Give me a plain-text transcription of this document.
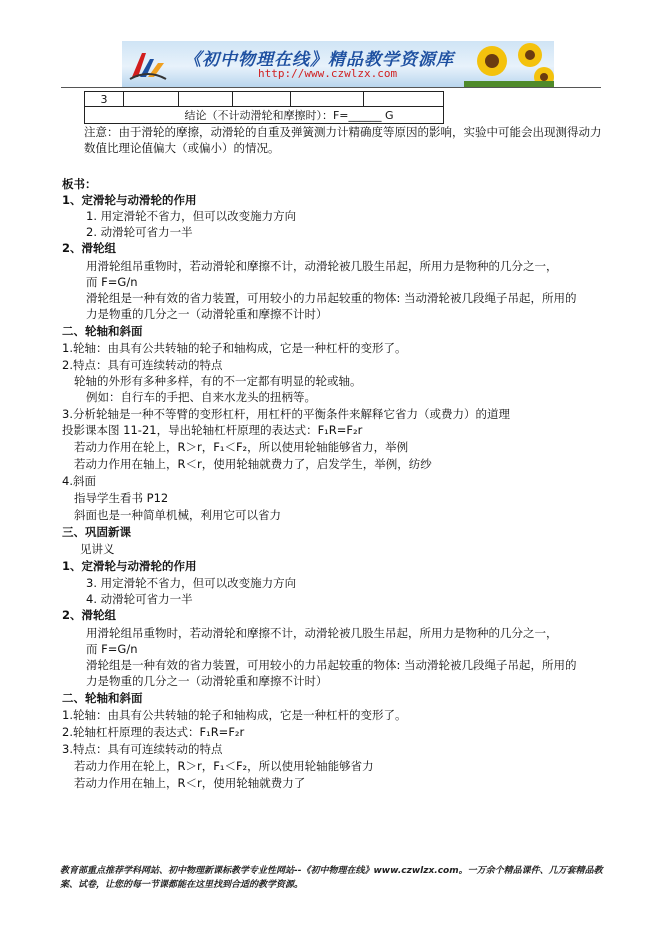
《初中物理在线》精品教学资源库
http://www.czwlzx.com
3					
结论（不计动滑轮和摩擦时）：F=______ G
注意：由于滑轮的摩擦，动滑轮的自重及弹簧测力计精确度等原因的影响，实验中可能会出现测得动力数值比理论值偏大（或偏小）的情况。
板书：
1、定滑轮与动滑轮的作用
1. 用定滑轮不省力，但可以改变施力方向
2. 动滑轮可省力一半
2、滑轮组
用滑轮组吊重物时，若动滑轮和摩擦不计，动滑轮被几股生吊起，所用力是物种的几分之一，
而 F=G/n
滑轮组是一种有效的省力装置，可用较小的力吊起较重的物体: 当动滑轮被几段绳子吊起，所用的
力是物重的几分之一（动滑轮重和摩擦不计时）
二、轮轴和斜面
1.轮轴：由具有公共转轴的轮子和轴构成，它是一种杠杆的变形了。
2.特点：具有可连续转动的特点
轮轴的外形有多种多样，有的不一定都有明显的轮或轴。
例如：自行车的手把、自来水龙头的扭柄等。
3.分析轮轴是一种不等臂的变形杠杆，用杠杆的平衡条件来解释它省力（或费力）的道理
投影课本图 11-21，导出轮轴杠杆原理的表达式：F₁R=F₂r
若动力作用在轮上，R＞r，F₁＜F₂，所以使用轮轴能够省力，举例
若动力作用在轴上，R＜r，使用轮轴就费力了，启发学生，举例，纺纱
4.斜面
指导学生看书 P12
斜面也是一种简单机械，利用它可以省力
三、巩固新课
见讲义
1、定滑轮与动滑轮的作用
3. 用定滑轮不省力，但可以改变施力方向
4. 动滑轮可省力一半
2、滑轮组
用滑轮组吊重物时，若动滑轮和摩擦不计，动滑轮被几股生吊起，所用力是物种的几分之一，
而 F=G/n
滑轮组是一种有效的省力装置，可用较小的力吊起较重的物体: 当动滑轮被几段绳子吊起，所用的
力是物重的几分之一（动滑轮重和摩擦不计时）
二、轮轴和斜面
1.轮轴：由具有公共转轴的轮子和轴构成，它是一种杠杆的变形了。
2.轮轴杠杆原理的表达式：F₁R=F₂r
3.特点：具有可连续转动的特点
若动力作用在轮上，R＞r，F₁＜F₂，所以使用轮轴能够省力
若动力作用在轴上，R＜r，使用轮轴就费力了
教育部重点推荐学科网站、初中物理新课标教学专业性网站--《初中物理在线》www.czwlzx.com。一万余个精品课件、几万套精品教案、试卷，让您的每一节课都能在这里找到合适的教学资源。
